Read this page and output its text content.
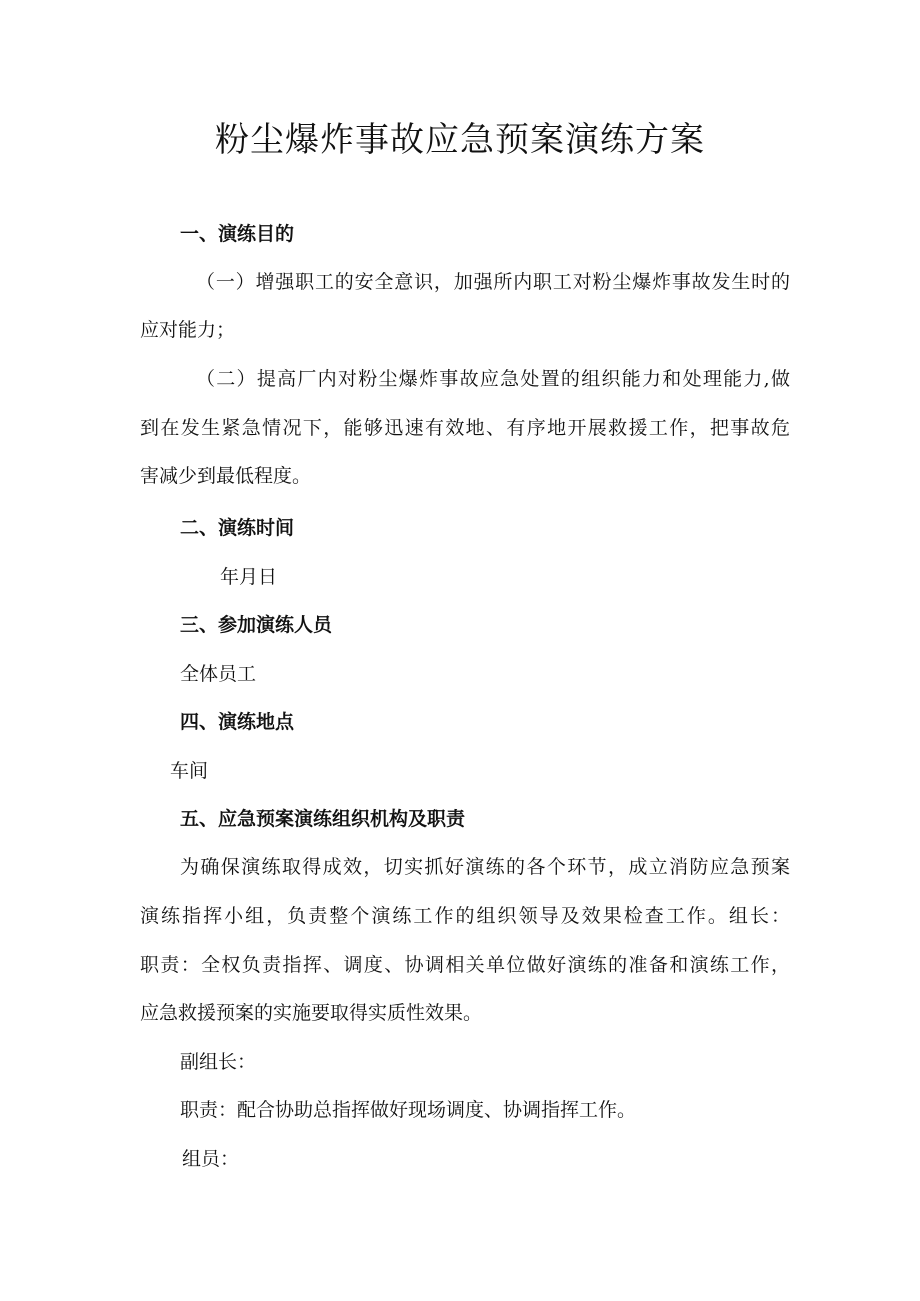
粉尘爆炸事故应急预案演练方案
一、演练目的
（一）增强职工的安全意识，加强所内职工对粉尘爆炸事故发生时的
应对能力；
（二）提高厂内对粉尘爆炸事故应急处置的组织能力和处理能力,做
到在发生紧急情况下，能够迅速有效地、有序地开展救援工作，把事故危
害减少到最低程度。
二、演练时间
年月日
三、参加演练人员
全体员工
四、演练地点
车间
五、应急预案演练组织机构及职责
为确保演练取得成效，切实抓好演练的各个环节，成立消防应急预案
演练指挥小组，负责整个演练工作的组织领导及效果检查工作。组长：
职责：全权负责指挥、调度、协调相关单位做好演练的准备和演练工作，
应急救援预案的实施要取得实质性效果。
副组长：
职责：配合协助总指挥做好现场调度、协调指挥工作。
组员：
